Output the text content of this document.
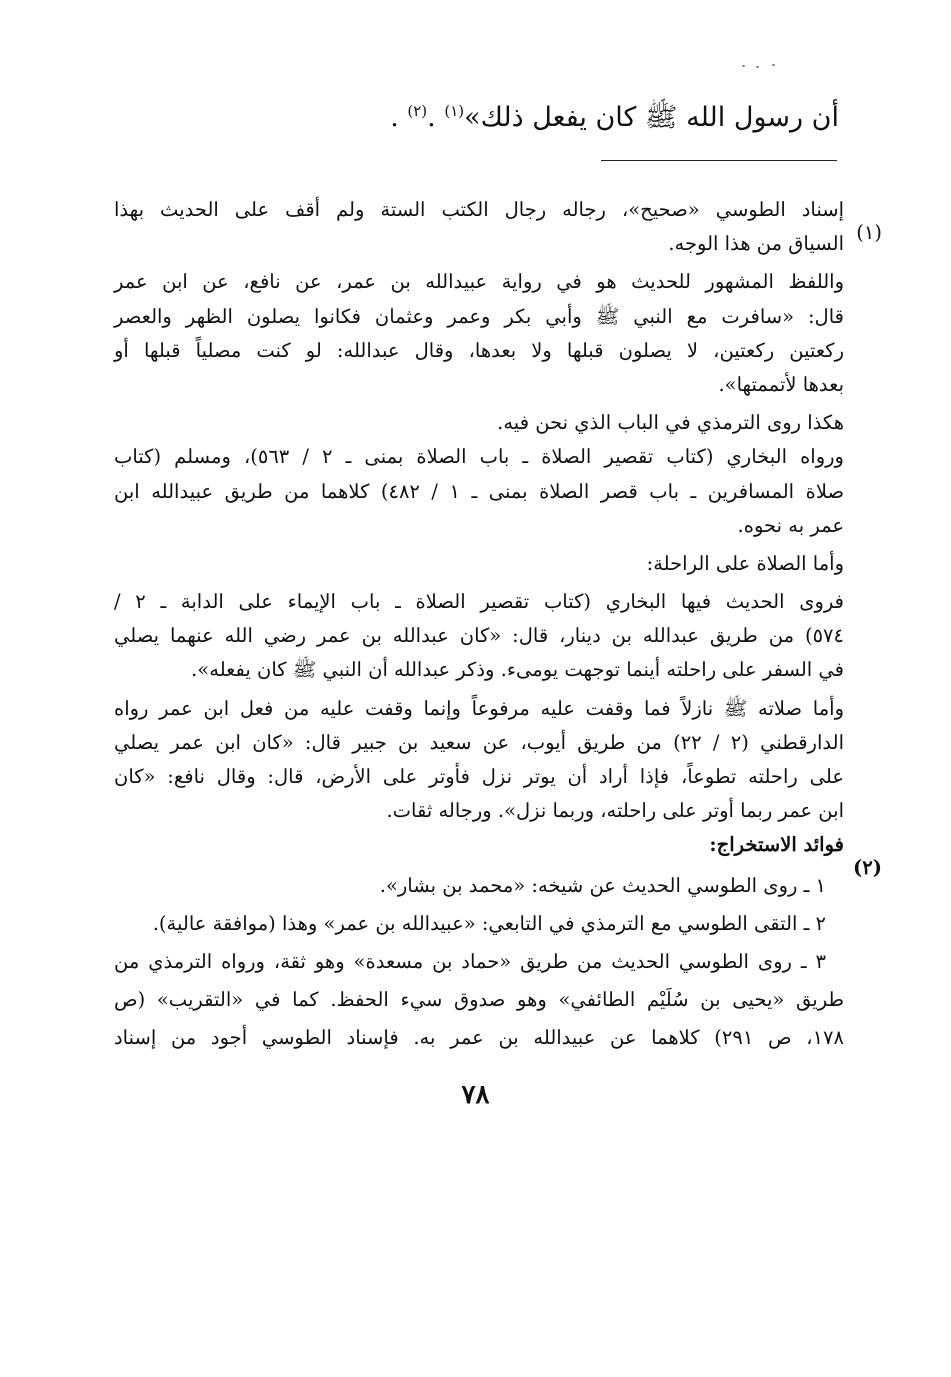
أن رسول الله ﷺ كان يفعل ذلك»$^{(١)}$ .$^{(٢)}$ .
(١)
إسناد الطوسي «صحيح»، رجاله رجال الكتب الستة ولم أقف على الحديث بهذا
السياق من هذا الوجه.
واللفظ المشهور للحديث هو في رواية عبيدالله بن عمر، عن نافع، عن ابن عمر
قال: «سافرت مع النبي ﷺ وأبي بكر وعمر وعثمان فكانوا يصلون الظهر والعصر
ركعتين ركعتين، لا يصلون قبلها ولا بعدها، وقال عبدالله: لو كنت مصلياً قبلها أو
بعدها لأتممتها».
هكذا روى الترمذي في الباب الذي نحن فيه.
ورواه البخاري (كتاب تقصير الصلاة ـ باب الصلاة بمنى ـ ٢ / ٥٦٣)، ومسلم (كتاب
صلاة المسافرين ـ باب قصر الصلاة بمنى ـ ١ / ٤٨٢) كلاهما من طريق عبيدالله ابن
عمر به نحوه.
وأما الصلاة على الراحلة:
فروى الحديث فيها البخاري (كتاب تقصير الصلاة ـ باب الإيماء على الدابة ـ ٢ /
٥٧٤) من طريق عبدالله بن دينار، قال: «كان عبدالله بن عمر رضي الله عنهما يصلي
في السفر على راحلته أينما توجهت يومىء. وذكر عبدالله أن النبي ﷺ كان يفعله».
وأما صلاته ﷺ نازلاً فما وقفت عليه مرفوعاً وإنما وقفت عليه من فعل ابن عمر رواه
الدارقطني (٢ / ٢٢) من طريق أيوب، عن سعيد بن جبير قال: «كان ابن عمر يصلي
على راحلته تطوعاً، فإذا أراد أن يوتر نزل فأوتر على الأرض، قال: وقال نافع: «كان
ابن عمر ربما أوتر على راحلته، وربما نزل». ورجاله ثقات.
(٢)
فوائد الاستخراج:
١ ـ روى الطوسي الحديث عن شيخه: «محمد بن بشار».
٢ ـ التقى الطوسي مع الترمذي في التابعي: «عبيدالله بن عمر» وهذا (موافقة عالية).
٣ ـ روى الطوسي الحديث من طريق «حماد بن مسعدة» وهو ثقة، ورواه الترمذي من
طريق «يحيى بن سُلَيْم الطائفي» وهو صدوق سيء الحفظ. كما في «التقريب» (ص
١٧٨، ص ٢٩١) كلاهما عن عبيدالله بن عمر به. فإسناد الطوسي أجود من إسناد
٧٨
